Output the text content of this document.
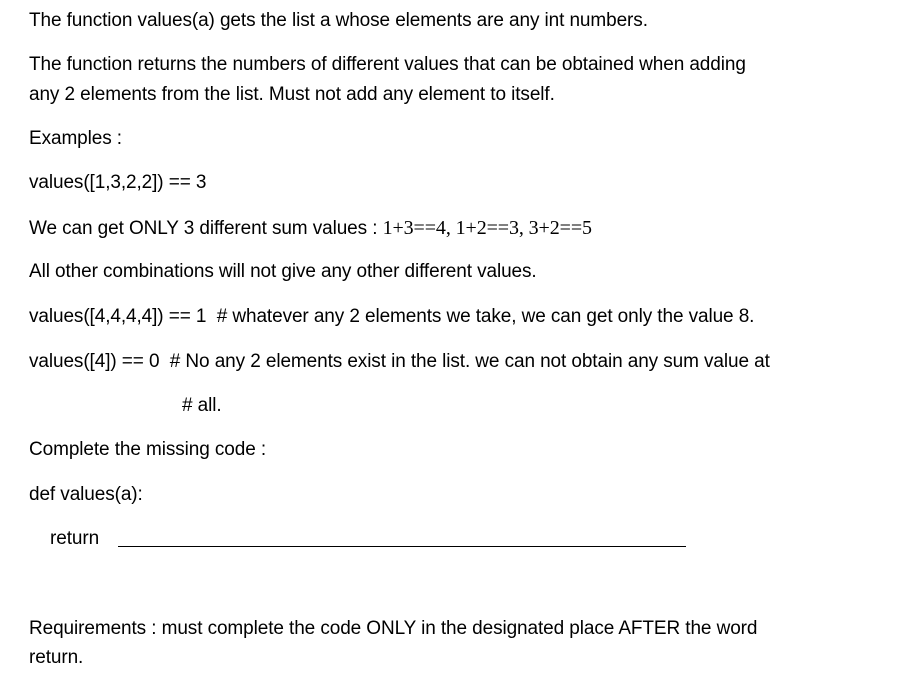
The function values(a) gets the list a whose elements are any int numbers.
The function returns the numbers of different values that can be obtained when adding
any 2 elements from the list. Must not add any element to itself.
Examples :
values([1,3,2,2]) == 3
We can get ONLY 3 different sum values : 1+3==4, 1+2==3, 3+2==5
All other combinations will not give any other different values.
values([4,4,4,4]) == 1  # whatever any 2 elements we take, we can get only the value 8.
values([4]) == 0  # No any 2 elements exist in the list. we can not obtain any sum value at
# all.
Complete the missing code :
def values(a):
return
Requirements : must complete the code ONLY in the designated place AFTER the word
return.
